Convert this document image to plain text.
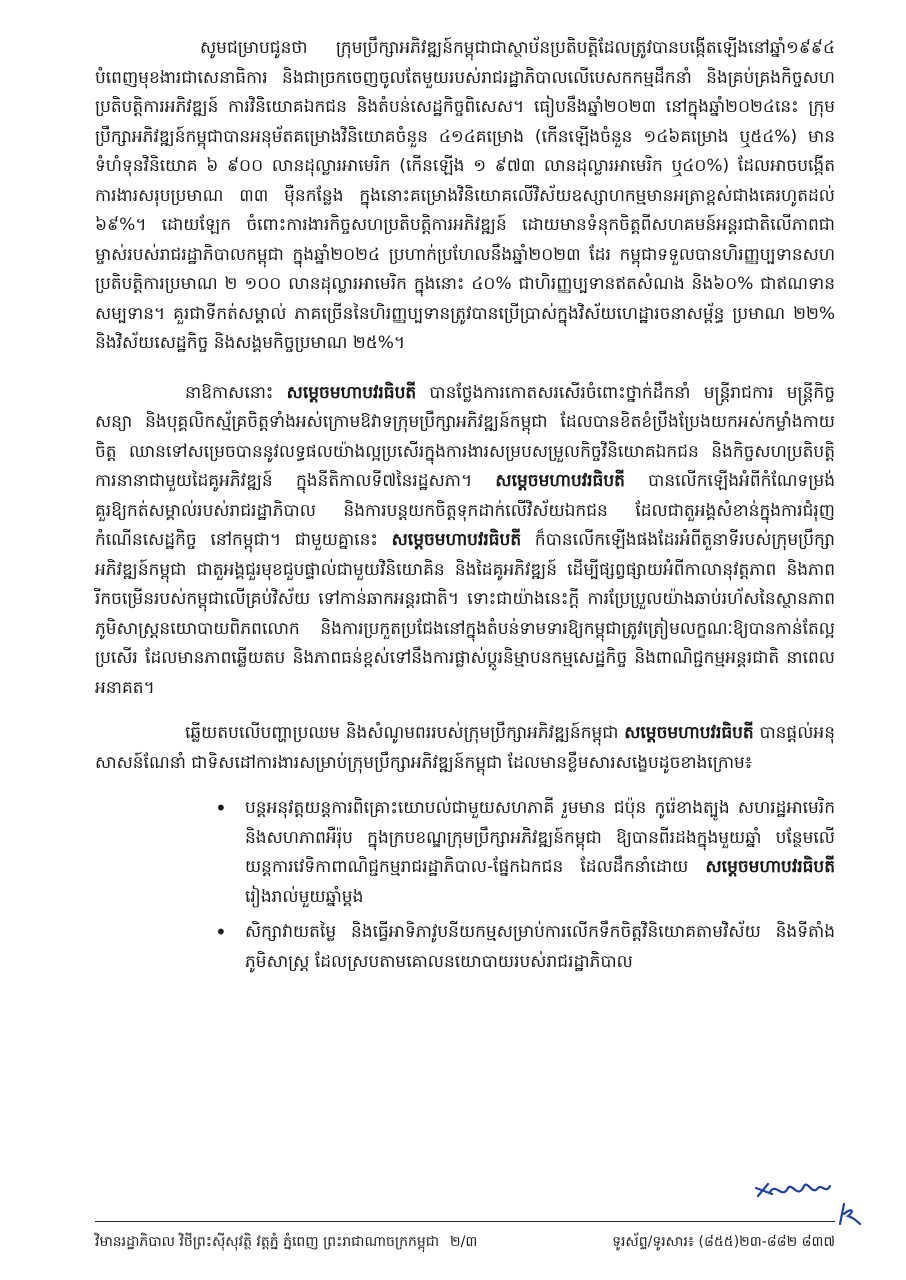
សូមជម្រាបជូនថា ក្រុមប្រឹក្សាអភិវឌ្ឍន៍កម្ពុជាជាស្ថាប័នប្រតិបត្តិដែលត្រូវបានបង្កើតឡើងនៅឆ្នាំ១៩៩៤ បំពេញមុខងារជាសេនាធិការ និងជាច្រកចេញចូលតែមួយរបស់រាជរដ្ឋាភិបាលលើបេសកកម្មដឹកនាំ និងគ្រប់គ្រងកិច្ចសហប្រតិបត្តិការអភិវឌ្ឍន៍ ការវិនិយោគឯកជន និងតំបន់សេដ្ឋកិច្ចពិសេស។ ធៀបនឹងឆ្នាំ២០២៣ នៅក្នុងឆ្នាំ២០២៤នេះ ក្រុមប្រឹក្សាអភិវឌ្ឍន៍កម្ពុជាបានអនុម័តគម្រោងវិនិយោគចំនួន ៤១៤គម្រោង (កើនឡើងចំនួន ១៤៦គម្រោង ឬ៥៤%) មានទំហំទុនវិនិយោគ ៦ ៩០០ លានដុល្លារអាមេរិក (កើនឡើង ១ ៩៧៣ លានដុល្លារអាមេរិក ឬ៤០%) ដែលអាចបង្កើតការងារសរុបប្រមាណ ៣៣ ម៉ឺនកន្លែង ក្នុងនោះគម្រោងវិនិយោគលើវិស័យឧស្សាហកម្មមានអត្រាខ្ពស់ជាងគេរហូតដល់ ៦៩%។ ដោយឡែក ចំពោះការងារកិច្ចសហប្រតិបត្តិការអភិវឌ្ឍន៍ ដោយមានទំនុកចិត្តពីសហគមន៍អន្តរជាតិលើភាពជាម្ចាស់របស់រាជរដ្ឋាភិបាលកម្ពុជា ក្នុងឆ្នាំ២០២៤ ប្រហាក់ប្រហែលនឹងឆ្នាំ២០២៣ ដែរ កម្ពុជាទទួលបានហិរញ្ញប្បទានសហប្រតិបត្តិការប្រមាណ ២ ១០០ លានដុល្លារអាមេរិក ក្នុងនោះ ៤០% ជាហិរញ្ញប្បទានឥតសំណង និង៦០% ជាឥណទានសម្បទាន។ គួរជាទីកត់សម្គាល់ ភាគច្រើននៃហិរញ្ញប្បទានត្រូវបានប្រើប្រាស់ក្នុងវិស័យហេដ្ឋារចនាសម្ព័ន្ធ ប្រមាណ ២២% និងវិស័យសេដ្ឋកិច្ច និងសង្គមកិច្ចប្រមាណ ២៥%។

នាឱកាសនោះ សម្តេចមហាបវរធិបតី បានថ្លែងការកោតសរសើរចំពោះថ្នាក់ដឹកនាំ មន្ត្រីរាជការ មន្ត្រីកិច្ចសន្យា និងបុគ្គលិកស្ម័គ្រចិត្តទាំងអស់ក្រោមឱវាទក្រុមប្រឹក្សាអភិវឌ្ឍន៍កម្ពុជា ដែលបានខិតខំប្រឹងប្រែងយកអស់កម្លាំងកាយចិត្ត ឈានទៅសម្រេចបាននូវលទ្ធផលយ៉ាងល្អប្រសើរក្នុងការងារសម្របសម្រួលកិច្ចវិនិយោគឯកជន និងកិច្ចសហប្រតិបត្តិការនានាជាមួយដៃគូអភិវឌ្ឍន៍ ក្នុងនីតិកាលទី៧នៃរដ្ឋសភា។ សម្តេចមហាបវរធិបតី បានលើកឡើងអំពីកំណែទម្រង់គួរឱ្យកត់សម្គាល់របស់រាជរដ្ឋាភិបាល និងការបន្តយកចិត្តទុកដាក់លើវិស័យឯកជន ដែលជាតួអង្គសំខាន់ក្នុងការជំរុញកំណើនសេដ្ឋកិច្ច នៅកម្ពុជា។ ជាមួយគ្នានេះ សម្តេចមហាបវរធិបតី ក៏បានលើកឡើងផងដែរអំពីតួនាទីរបស់ក្រុមប្រឹក្សាអភិវឌ្ឍន៍កម្ពុជា ជាតួអង្គជួរមុខជួបផ្ទាល់ជាមួយវិនិយោគិន និងដៃគូអភិវឌ្ឍន៍ ដើម្បីផ្សព្វផ្សាយអំពីកាលានុវត្តភាព និងភាពរីកចម្រើនរបស់កម្ពុជាលើគ្រប់វិស័យ ទៅកាន់ឆាកអន្តរជាតិ។ ទោះជាយ៉ាងនេះក្តី ការប្រែប្រួលយ៉ាងឆាប់រហ័សនៃស្ថានភាពភូមិសាស្ត្រនយោបាយពិភពលោក និងការប្រកួតប្រជែងនៅក្នុងតំបន់ទាមទារឱ្យកម្ពុជាត្រូវត្រៀមលក្ខណៈឱ្យបានកាន់តែល្អប្រសើរ ដែលមានភាពឆ្លើយតប និងភាពធន់ខ្ពស់ទៅនឹងការផ្លាស់ប្តូរនិម្មាបនកម្មសេដ្ឋកិច្ច និងពាណិជ្ជកម្មអន្តរជាតិ នាពេលអនាគត។

ឆ្លើយតបលើបញ្ហាប្រឈម និងសំណូមពររបស់ក្រុមប្រឹក្សាអភិវឌ្ឍន៍កម្ពុជា សម្តេចមហាបវរធិបតី បានផ្តល់អនុសាសន៍ណែនាំ ជាទិសដៅការងារសម្រាប់ក្រុមប្រឹក្សាអភិវឌ្ឍន៍កម្ពុជា ដែលមានខ្លឹមសារសង្ខេបដូចខាងក្រោម៖

• បន្តអនុវត្តយន្តការពិគ្រោះយោបល់ជាមួយសហភាគី រួមមាន ជប៉ុន កូរ៉េខាងត្បូង សហរដ្ឋអាមេរិក និងសហភាពអឺរ៉ុប ក្នុងក្របខណ្ឌក្រុមប្រឹក្សាអភិវឌ្ឍន៍កម្ពុជា ឱ្យបានពីរដងក្នុងមួយឆ្នាំ បន្ថែមលើយន្តការវេទិកាពាណិជ្ជកម្មរាជរដ្ឋាភិបាល-ផ្នែកឯកជន ដែលដឹកនាំដោយ សម្តេចមហាបវរធិបតី រៀងរាល់មួយឆ្នាំម្តង
• សិក្សាវាយតម្លៃ និងធ្វើអាទិភាវូបនីយកម្មសម្រាប់ការលើកទឹកចិត្តវិនិយោគតាមវិស័យ និងទីតាំងភូមិសាស្ត្រ ដែលស្របតាមគោលនយោបាយរបស់រាជរដ្ឋាភិបាល
វិមានរដ្ឋាភិបាល វិថីព្រះស៊ីសុវត្ថិ វត្តភ្នំ ភ្នំពេញ ព្រះរាជាណាចក្រកម្ពុជា ២/៣	ទូរស័ព្ទ/ទូរសារ៖ (៨៥៥)២៣-៨៨២ ៨៣៧
